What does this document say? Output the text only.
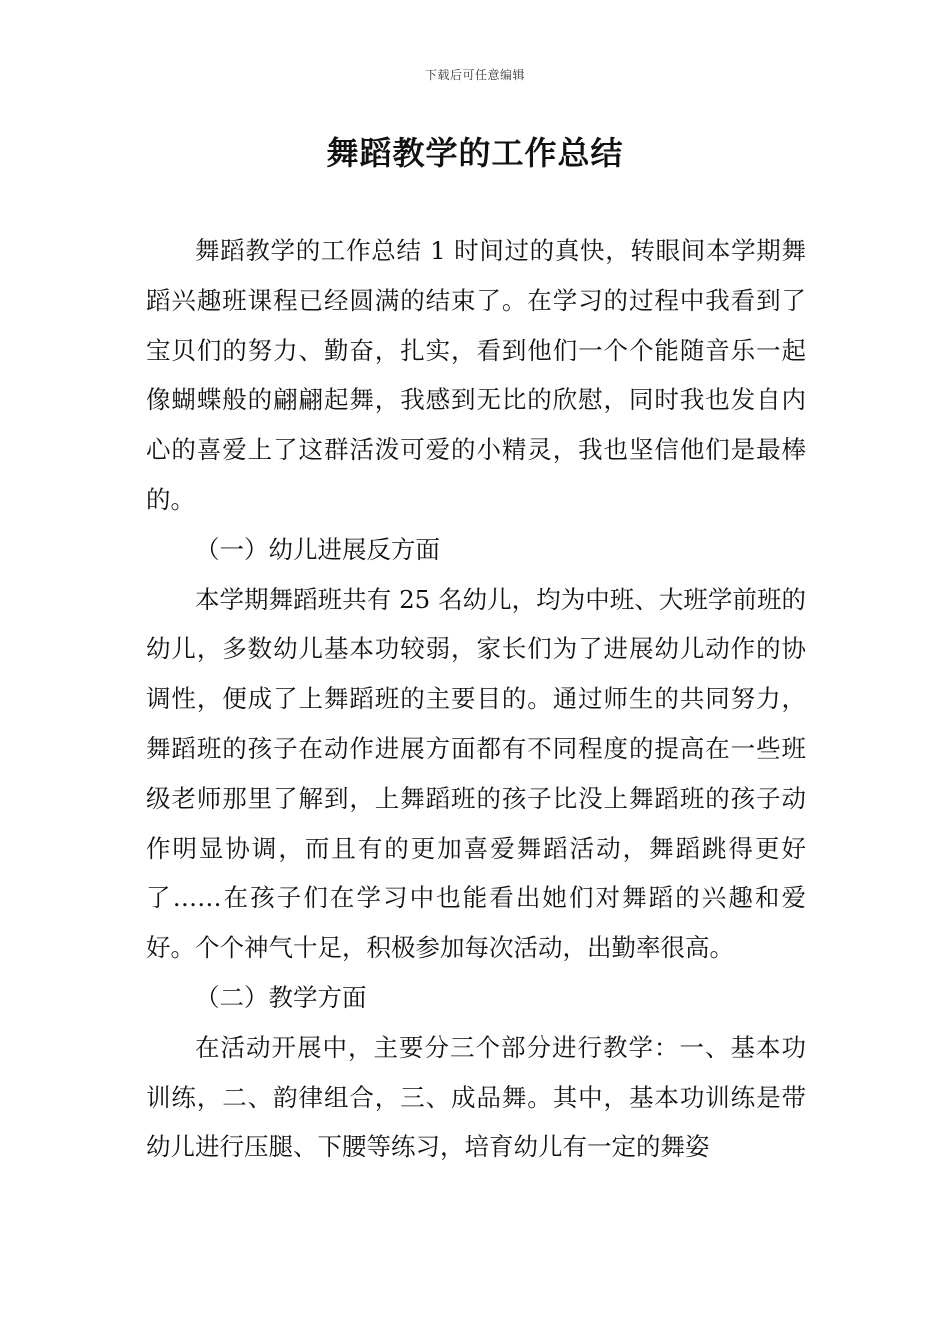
下载后可任意编辑
舞蹈教学的工作总结

舞蹈教学的工作总结 1 时间过的真快，转眼间本学期舞蹈兴趣班课程已经圆满的结束了。在学习的过程中我看到了宝贝们的努力、勤奋，扎实，看到他们一个个能随音乐一起像蝴蝶般的翩翩起舞，我感到无比的欣慰，同时我也发自内心的喜爱上了这群活泼可爱的小精灵，我也坚信他们是最棒的。

（一）幼儿进展反方面

本学期舞蹈班共有 25 名幼儿，均为中班、大班学前班的幼儿，多数幼儿基本功较弱，家长们为了进展幼儿动作的协调性，便成了上舞蹈班的主要目的。通过师生的共同努力，舞蹈班的孩子在动作进展方面都有不同程度的提高在一些班级老师那里了解到，上舞蹈班的孩子比没上舞蹈班的孩子动作明显协调，而且有的更加喜爱舞蹈活动，舞蹈跳得更好了……在孩子们在学习中也能看出她们对舞蹈的兴趣和爱好。个个神气十足，积极参加每次活动，出勤率很高。

（二）教学方面

在活动开展中，主要分三个部分进行教学：一、基本功训练，二、韵律组合，三、成品舞。其中，基本功训练是带幼儿进行压腿、下腰等练习，培育幼儿有一定的舞姿
